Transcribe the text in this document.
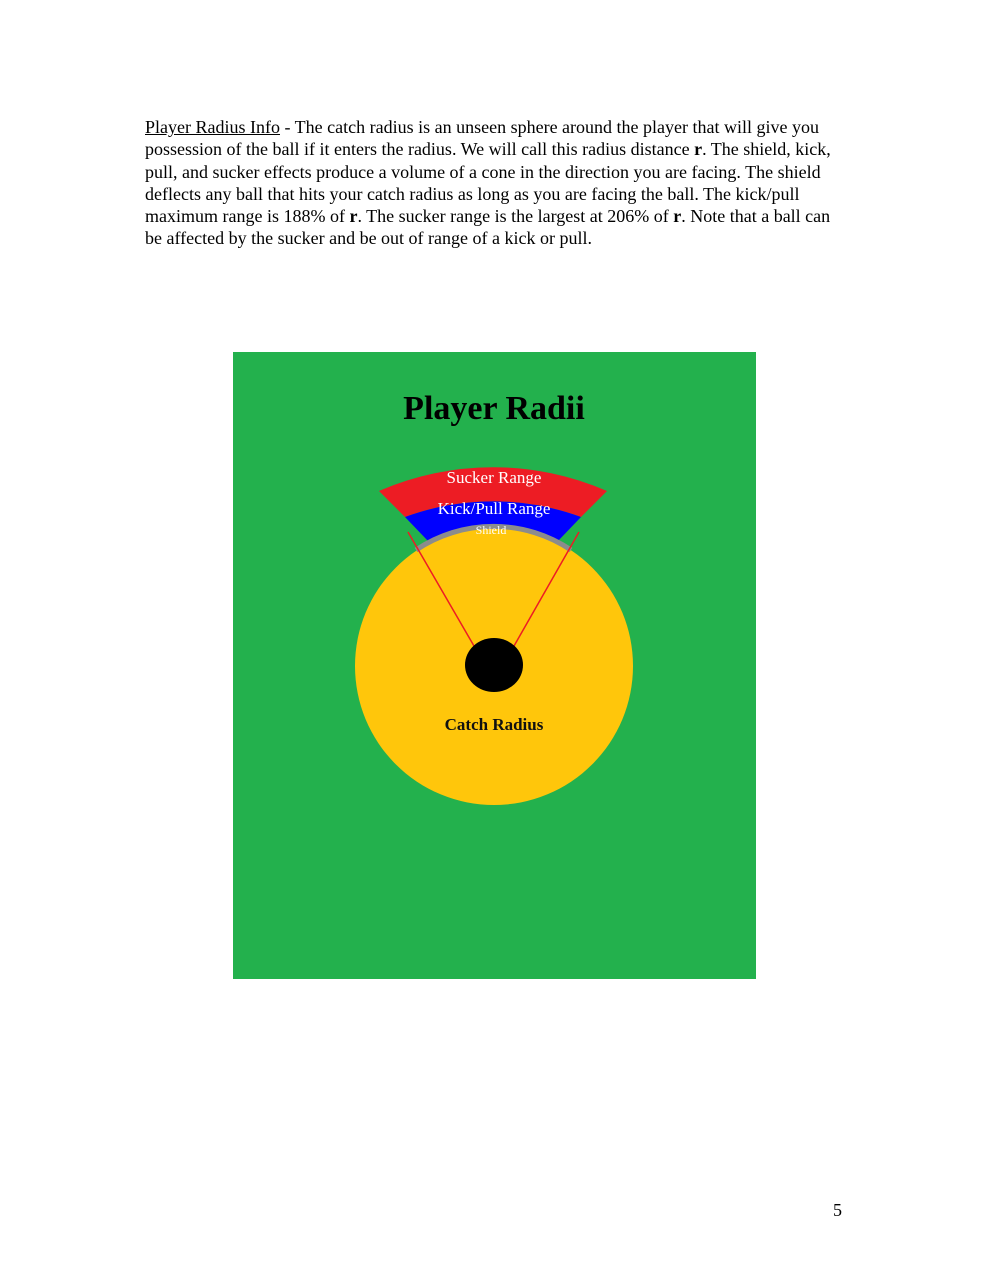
Player Radius Info - The catch radius is an unseen sphere around the player that will give you possession of the ball if it enters the radius. We will call this radius distance r. The shield, kick, pull, and sucker effects produce a volume of a cone in the direction you are facing. The shield deflects any ball that hits your catch radius as long as you are facing the ball. The kick/pull maximum range is 188% of r. The sucker range is the largest at 206% of r. Note that a ball can be affected by the sucker and be out of range of a kick or pull.

Player Radii
Sucker Range
Kick/Pull Range
Shield
Catch Radius
5
